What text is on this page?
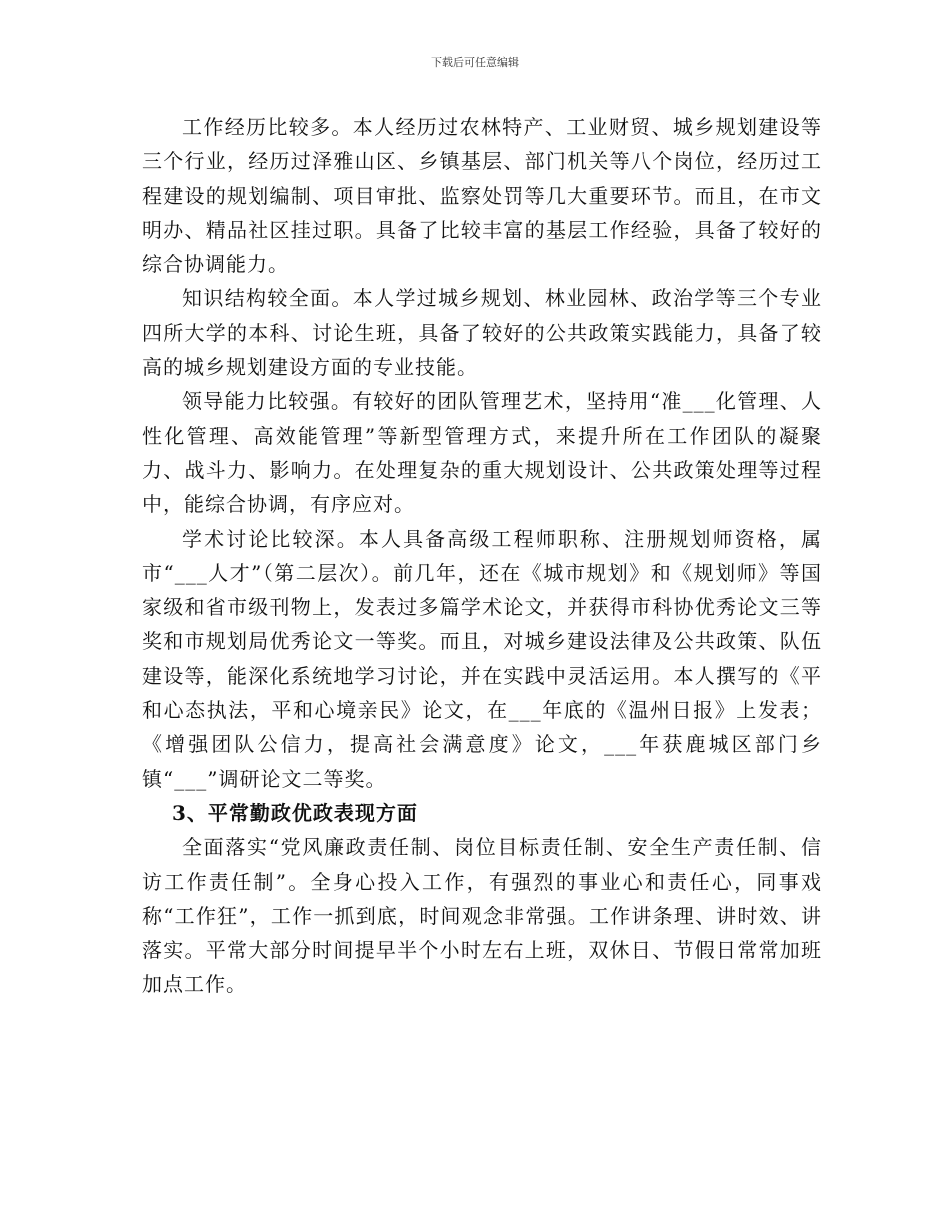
下载后可任意编辑

工作经历比较多。本人经历过农林特产、工业财贸、城乡规划建设等三个行业，经历过泽雅山区、乡镇基层、部门机关等八个岗位，经历过工程建设的规划编制、项目审批、监察处罚等几大重要环节。而且，在市文明办、精品社区挂过职。具备了比较丰富的基层工作经验，具备了较好的综合协调能力。

知识结构较全面。本人学过城乡规划、林业园林、政治学等三个专业四所大学的本科、讨论生班，具备了较好的公共政策实践能力，具备了较高的城乡规划建设方面的专业技能。

领导能力比较强。有较好的团队管理艺术，坚持用“准___化管理、人性化管理、高效能管理”等新型管理方式，来提升所在工作团队的凝聚力、战斗力、影响力。在处理复杂的重大规划设计、公共政策处理等过程中，能综合协调，有序应对。

学术讨论比较深。本人具备高级工程师职称、注册规划师资格，属市“___人才”（第二层次）。前几年，还在《城市规划》和《规划师》等国家级和省市级刊物上，发表过多篇学术论文，并获得市科协优秀论文三等奖和市规划局优秀论文一等奖。而且，对城乡建设法律及公共政策、队伍建设等，能深化系统地学习讨论，并在实践中灵活运用。本人撰写的《平和心态执法，平和心境亲民》论文，在___年底的《温州日报》上发表；《增强团队公信力，提高社会满意度》论文，___年获鹿城区部门乡镇“___”调研论文二等奖。

3、平常勤政优政表现方面

全面落实“党风廉政责任制、岗位目标责任制、安全生产责任制、信访工作责任制”。全身心投入工作，有强烈的事业心和责任心，同事戏称“工作狂”，工作一抓到底，时间观念非常强。工作讲条理、讲时效、讲落实。平常大部分时间提早半个小时左右上班，双休日、节假日常常加班加点工作。
